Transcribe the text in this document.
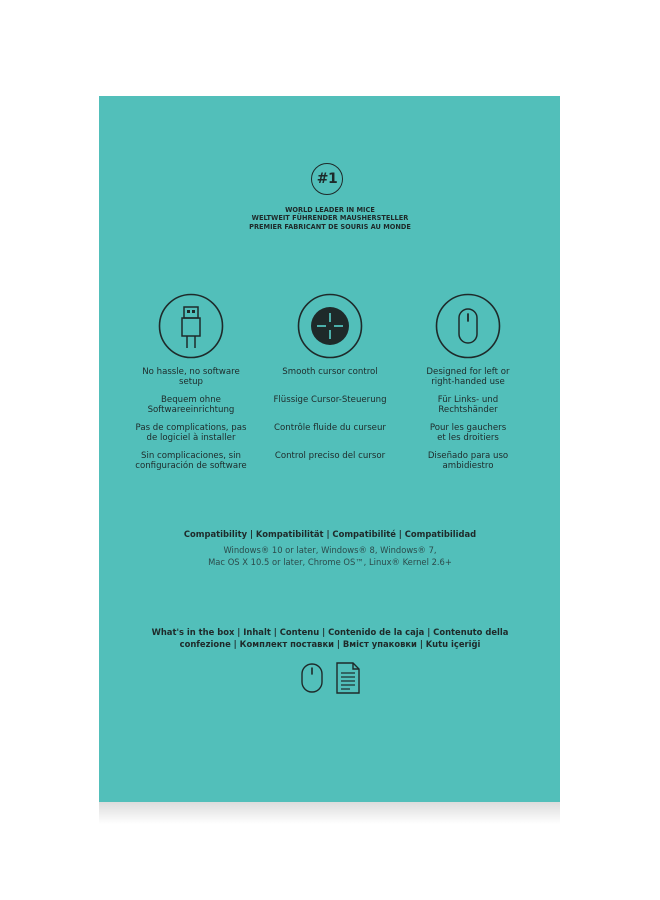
#1
WORLD LEADER IN MICE
WELTWEIT FÜHRENDER MAUSHERSTELLER
PREMIER FABRICANT DE SOURIS AU MONDE
No hassle, no software
setup
Bequem ohne
Softwareeinrichtung
Pas de complications, pas
de logiciel à installer
Sin complicaciones, sin
configuración de software
Smooth cursor control
Flüssige Cursor-Steuerung
Contrôle fluide du curseur
Control preciso del cursor
Designed for left or
right-handed use
Für Links- und
Rechtshänder
Pour les gauchers
et les droitiers
Diseñado para uso
ambidiestro
Compatibility | Kompatibilität | Compatibilité | Compatibilidad
Windows® 10 or later, Windows® 8, Windows® 7,
Mac OS X 10.5 or later, Chrome OS™, Linux® Kernel 2.6+
What's in the box | Inhalt | Contenu | Contenido de la caja | Contenuto della
confezione | Комплект поставки | Вміст упаковки | Kutu içeriği
